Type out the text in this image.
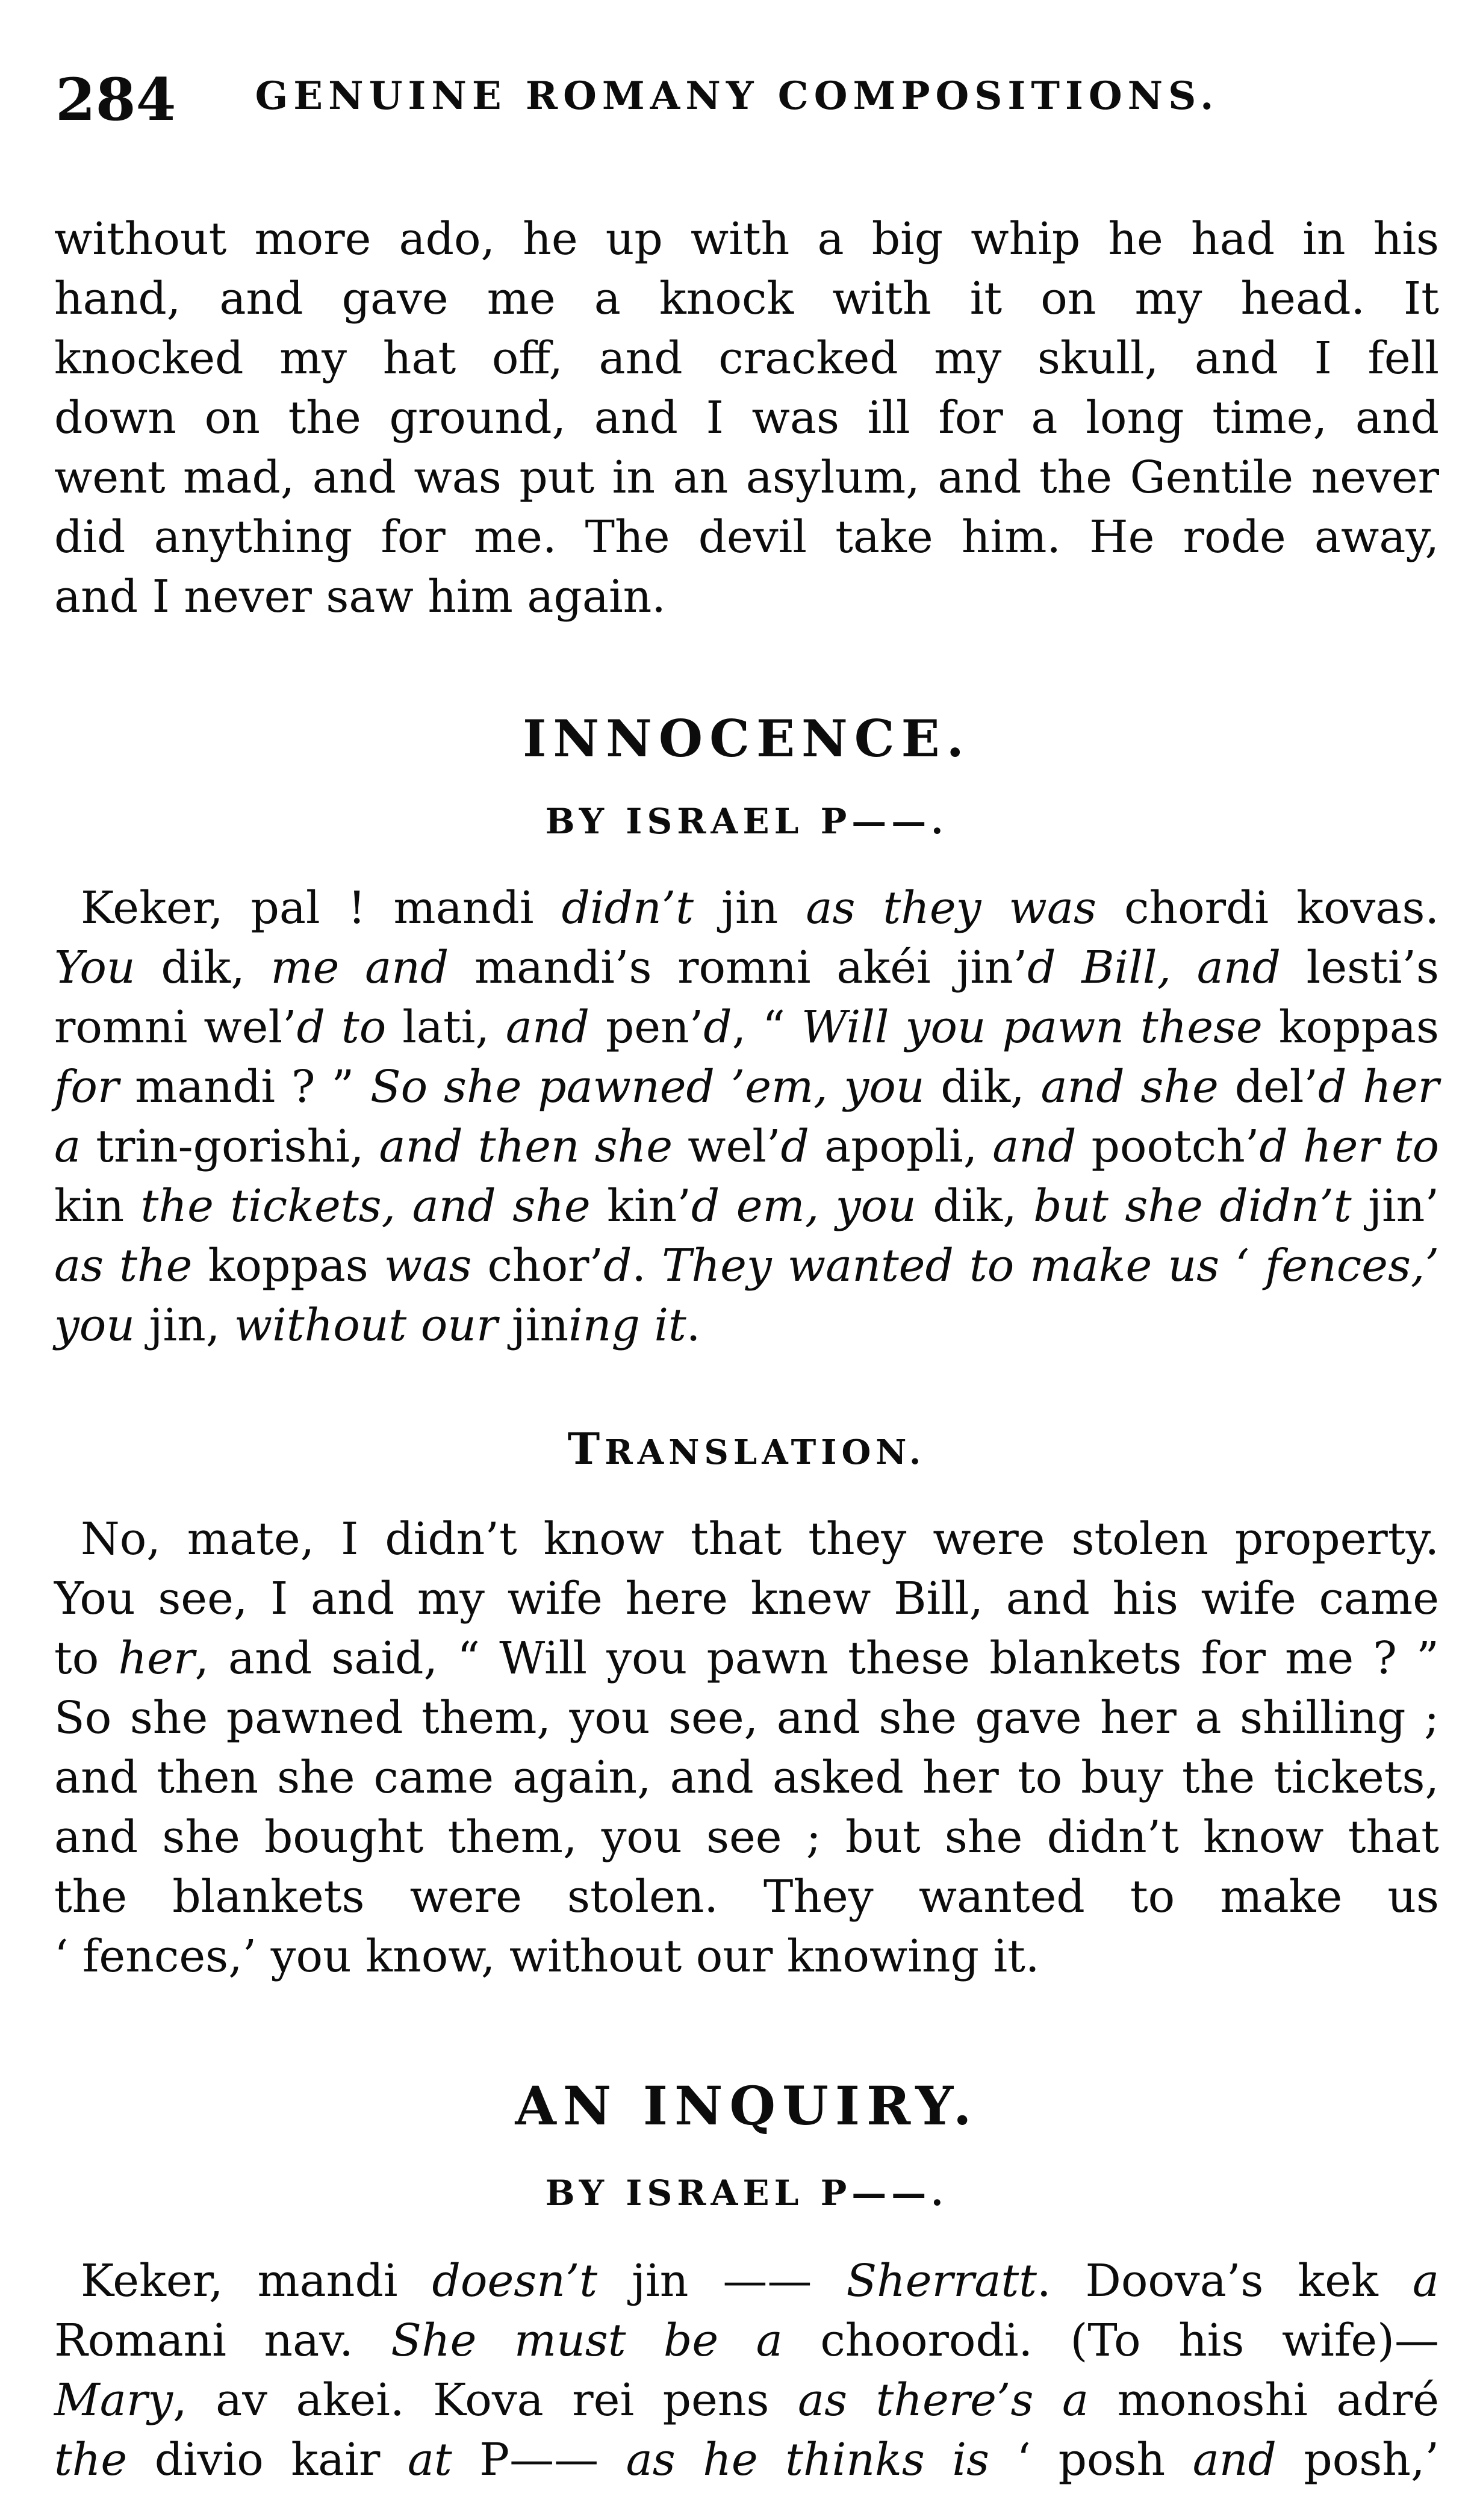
284	GENUINE ROMANY COMPOSITIONS.
without more ado, he up with a big whip he had in his
hand, and gave me a knock with it on my head. It
knocked my hat off, and cracked my skull, and I fell
down on the ground, and I was ill for a long time, and
went mad, and was put in an asylum, and the Gentile never
did anything for me. The devil take him. He rode away,
and I never saw him again.
INNOCENCE.
BY ISRAEL P——.
Keker, pal ! mandi didn’t jin as they was chordi kovas.
You dik, me and mandi’s romni akéi jin’d Bill, and lesti’s
romni wel’d to lati, and pen’d, “ Will you pawn these koppas
for mandi ? ” So she pawned ’em, you dik, and she del’d her
a trin-gorishi, and then she wel’d apopli, and pootch’d her to
kin the tickets, and she kin’d em, you dik, but she didn’t jin’
as the koppas was chor’d. They wanted to make us ‘ fences,’
you jin, without our jining it.
TRANSLATION.
No, mate, I didn’t know that they were stolen property.
You see, I and my wife here knew Bill, and his wife came
to her, and said, “ Will you pawn these blankets for me ? ”
So she pawned them, you see, and she gave her a shilling ;
and then she came again, and asked her to buy the tickets,
and she bought them, you see ; but she didn’t know that
the blankets were stolen. They wanted to make us
‘ fences,’ you know, without our knowing it.
AN INQUIRY.
BY ISRAEL P——.
Keker, mandi doesn’t jin —— Sherratt. Doova’s kek a
Romani nav. She must be a choorodi. (To his wife)—
Mary, av akei. Kova rei pens as there’s a monoshi adré
the divio kair at P—— as he thinks is ‘ posh and posh,’
